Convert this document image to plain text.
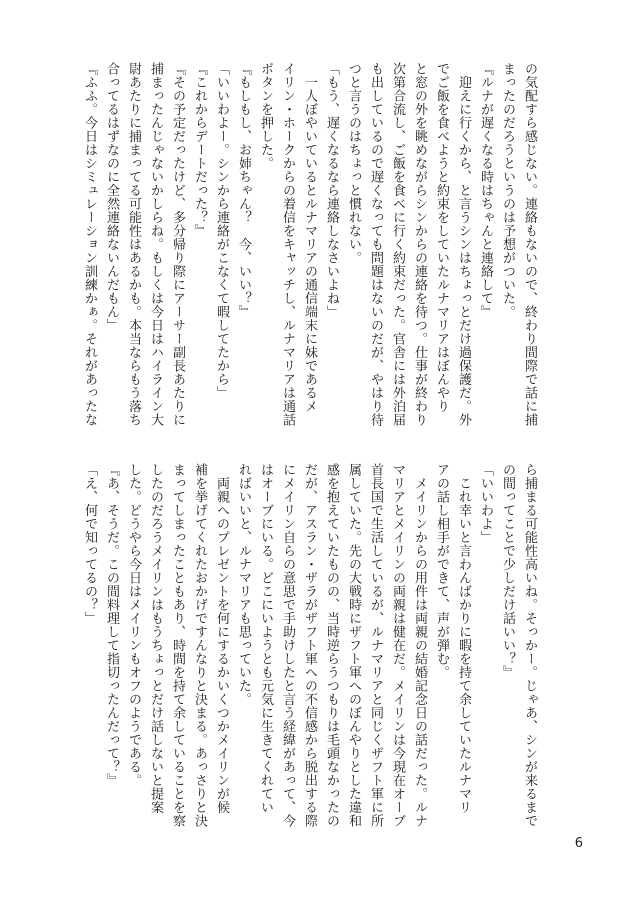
の気配すら感じない。連絡もないので、終わり間際で話に捕
まったのだろうというのは予想がついた。
『ルナが遅くなる時はちゃんと連絡して』
　迎えに行くから、と言うシンはちょっとだけ過保護だ。外
でご飯を食べようと約束をしていたルナマリアはぼんやり
と窓の外を眺めながらシンからの連絡を待つ。仕事が終わり
次第合流し、ご飯を食べに行く約束だった。官舎には外泊届
も出しているので遅くなっても問題はないのだが、やはり待
つと言うのはちょっと慣れない。
「もう、遅くなるなら連絡しなさいよね」
　一人ぼやいているとルナマリアの通信端末に妹であるメ
イリン・ホークからの着信をキャッチし、ルナマリアは通話
ボタンを押した。
『もしもし、お姉ちゃん？　今、いい？』
「いいわよー。シンから連絡がこなくて暇してたから」
『これからデートだった？』
『その予定だったけど、多分帰り際にアーサー副長あたりに
捕まったんじゃないかしらね。もしくは今日はハイライン大
尉あたりに捕まってる可能性はあるかも。本当ならもう落ち
合ってるはずなのに全然連絡ないんだもん」
『ふふ。今日はシミュレーション訓練かぁ。それがあったな
ら捕まる可能性高いね。そっかー。じゃあ、シンが来るまで
の間ってことで少しだけ話いい？』
「いいわよ」
　これ幸いと言わんばかりに暇を持て余していたルナマリ
アの話し相手ができて、声が弾む。
　メイリンからの用件は両親の結婚記念日の話だった。ルナ
マリアとメイリンの両親は健在だ。メイリンは今現在オーブ
首長国で生活しているが、ルナマリアと同じくザフト軍に所
属していた。先の大戦時にザフト軍へのぼんやりとした違和
感を抱えていたものの、当時逆らうつもりは毛頭なかったの
だが、アスラン・ザラがザフト軍への不信感から脱出する際
にメイリン自らの意思で手助けしたと言う経緯があって、今
はオーブにいる。どこにいようとも元気に生きてくれてい
ればいいと、ルナマリアも思っていた。
　両親へのプレゼントを何にするかいくつかメイリンが候
補を挙げてくれたおかげですんなりと決まる。あっさりと決
まってしまったこともあり、時間を持て余していることを察
したのだろうメイリンはもうちょっとだけ話しないと提案
した。どうやら今日はメイリンもオフのようである。
『あ、そうだ。この間料理して指切ったんだって？』
「え、何で知ってるの？」
6
